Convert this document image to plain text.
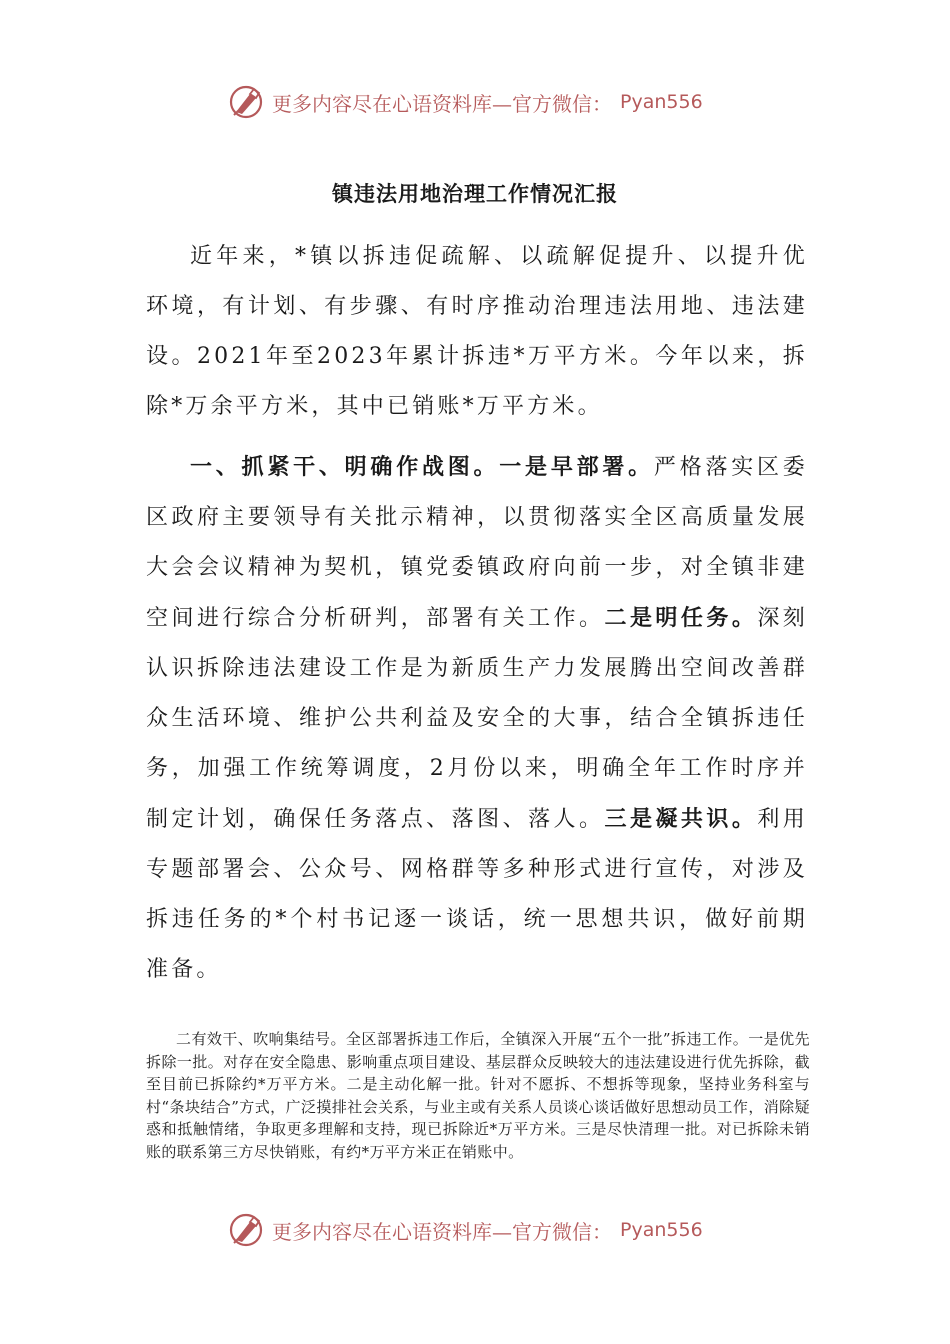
更多内容尽在心语资料库—官方微信： Pyan556
镇违法用地治理工作情况汇报

近年来，*镇以拆违促疏解、以疏解促提升、以提升优环境，有计划、有步骤、有时序推动治理违法用地、违法建设。2021年至2023年累计拆违*万平方米。今年以来，拆除*万余平方米，其中已销账*万平方米。

一、抓紧干、明确作战图。一是早部署。严格落实区委区政府主要领导有关批示精神，以贯彻落实全区高质量发展大会会议精神为契机，镇党委镇政府向前一步，对全镇非建空间进行综合分析研判，部署有关工作。二是明任务。深刻认识拆除违法建设工作是为新质生产力发展腾出空间改善群众生活环境、维护公共利益及安全的大事，结合全镇拆违任务，加强工作统筹调度，2月份以来，明确全年工作时序并制定计划，确保任务落点、落图、落人。三是凝共识。利用专题部署会、公众号、网格群等多种形式进行宣传，对涉及拆违任务的*个村书记逐一谈话，统一思想共识，做好前期准备。

二有效干、吹响集结号。全区部署拆违工作后，全镇深入开展“五个一批”拆违工作。一是优先拆除一批。对存在安全隐患、影响重点项目建设、基层群众反映较大的违法建设进行优先拆除，截至目前已拆除约*万平方米。二是主动化解一批。针对不愿拆、不想拆等现象，坚持业务科室与村“条块结合”方式，广泛摸排社会关系，与业主或有关系人员谈心谈话做好思想动员工作，消除疑惑和抵触情绪，争取更多理解和支持，现已拆除近*万平方米。三是尽快清理一批。对已拆除未销账的联系第三方尽快销账，有约*万平方米正在销账中。

更多内容尽在心语资料库—官方微信： Pyan556
